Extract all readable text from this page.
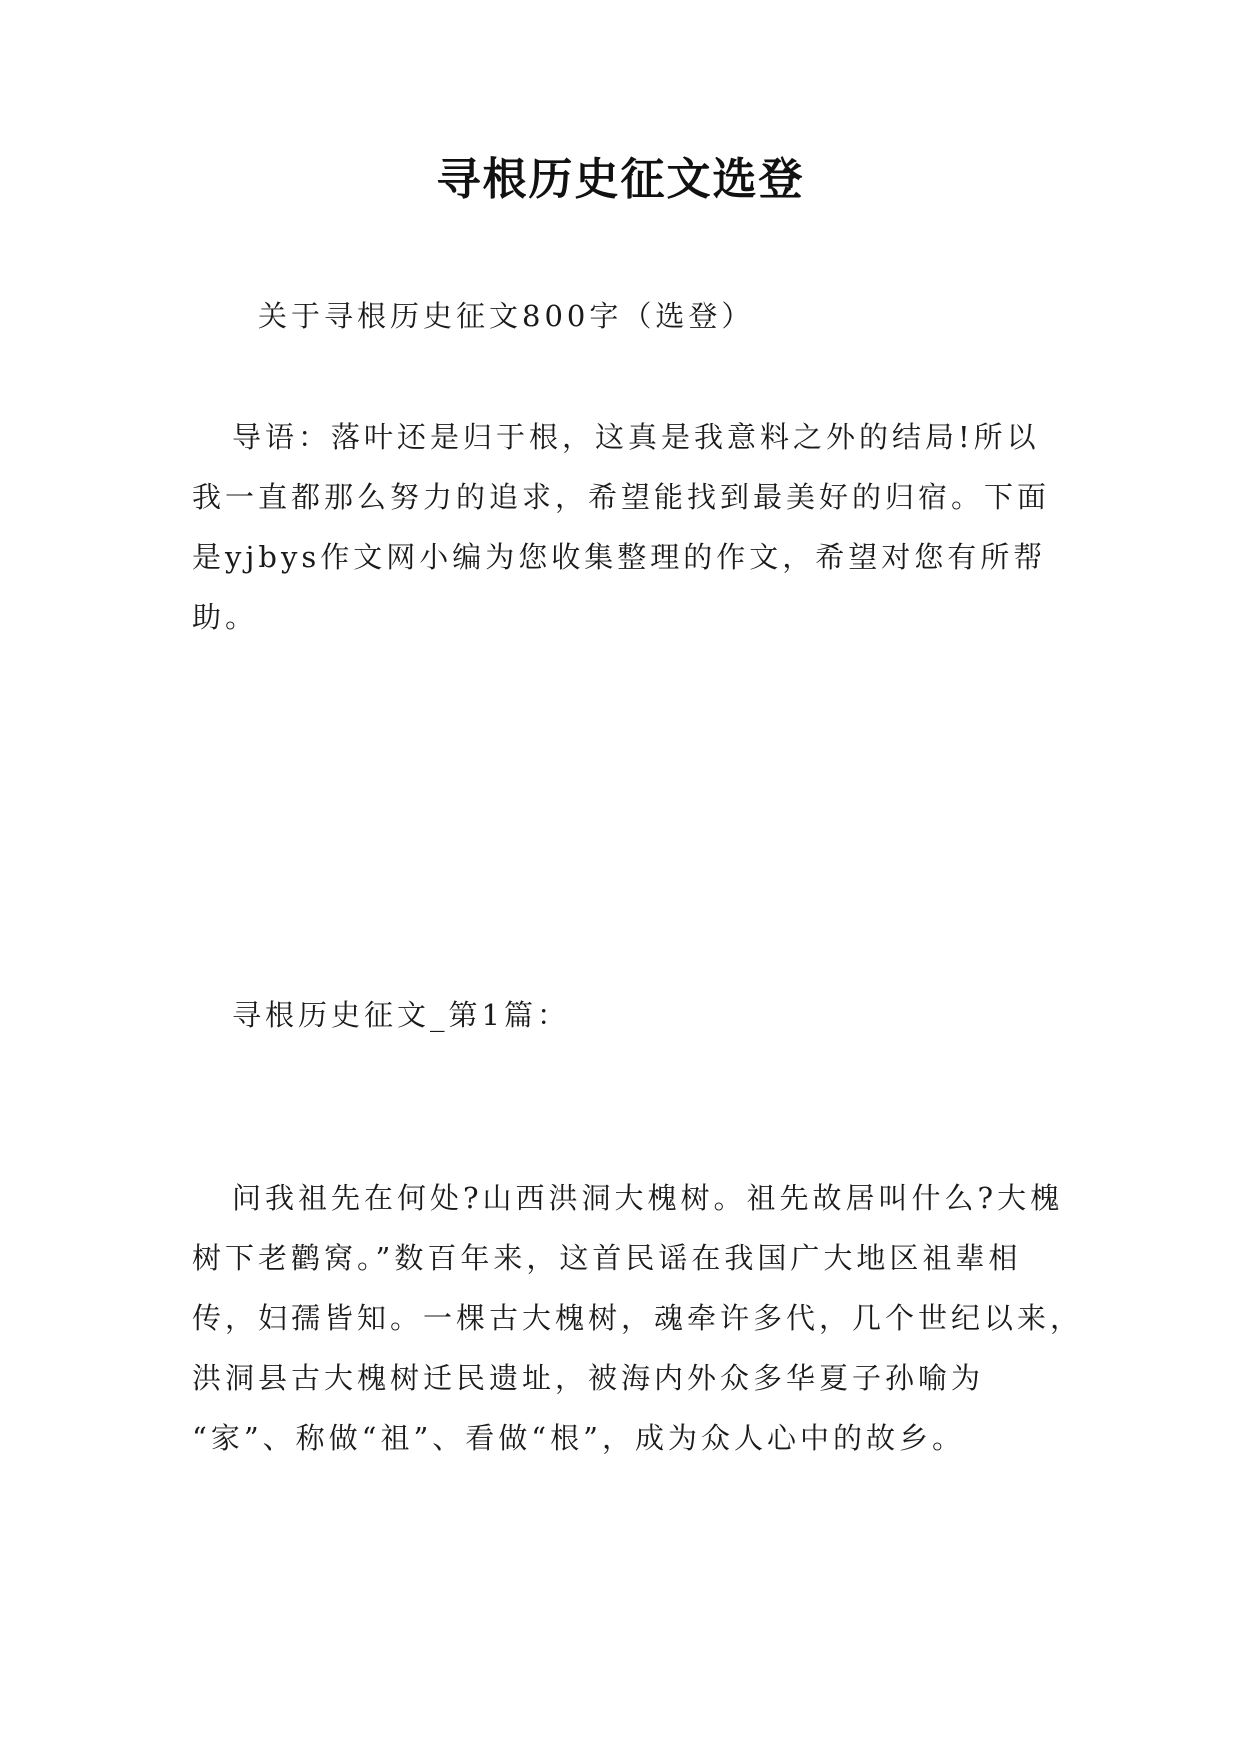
寻根历史征文选登
关于寻根历史征文800字（选登）
导语：落叶还是归于根，这真是我意料之外的结局!所以
我一直都那么努力的追求，希望能找到最美好的归宿。下面
是yjbys作文网小编为您收集整理的作文，希望对您有所帮
助。
寻根历史征文_第1篇：
问我祖先在何处?山西洪洞大槐树。祖先故居叫什么?大槐
树下老鹳窝。”数百年来，这首民谣在我国广大地区祖辈相
传，妇孺皆知。一棵古大槐树，魂牵许多代，几个世纪以来，
洪洞县古大槐树迁民遗址，被海内外众多华夏子孙喻为
“家”、称做“祖”、看做“根”，成为众人心中的故乡。
